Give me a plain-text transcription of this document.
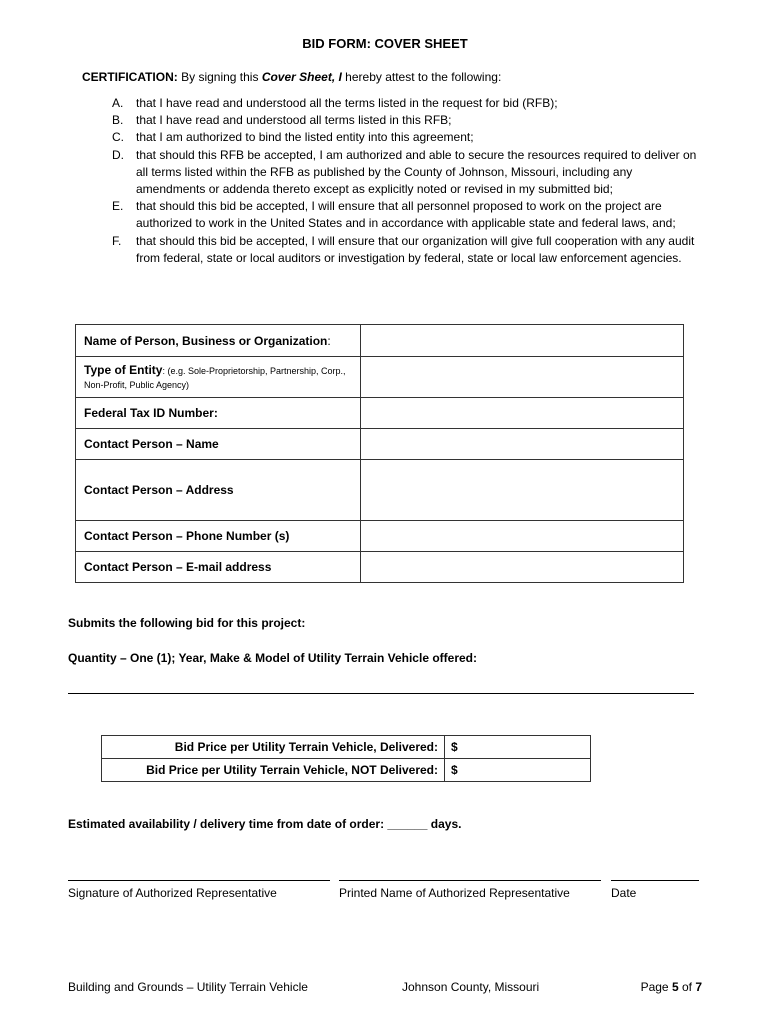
BID FORM: COVER SHEET
CERTIFICATION: By signing this Cover Sheet, I hereby attest to the following:
A.	that I have read and understood all the terms listed in the request for bid (RFB);
B.	that I have read and understood all terms listed in this RFB;
C.	that I am authorized to bind the listed entity into this agreement;
D.	that should this RFB be accepted, I am authorized and able to secure the resources required to deliver on all terms listed within the RFB as published by the County of Johnson, Missouri, including any amendments or addenda thereto except as explicitly noted or revised in my submitted bid;
E.	that should this bid be accepted, I will ensure that all personnel proposed to work on the project are authorized to work in the United States and in accordance with applicable state and federal laws, and;
F.	that should this bid be accepted, I will ensure that our organization will give full cooperation with any audit from federal, state or local auditors or investigation by federal, state or local law enforcement agencies.
Name of Person, Business or Organization:	
Type of Entity: (e.g. Sole-Proprietorship, Partnership, Corp., Non-Profit, Public Agency)	
Federal Tax ID Number:	
Contact Person – Name	
Contact Person – Address	
Contact Person – Phone Number (s)	
Contact Person – E-mail address	
Submits the following bid for this project:
Quantity – One (1); Year, Make & Model of Utility Terrain Vehicle offered:
Bid Price per Utility Terrain Vehicle, Delivered:	$
Bid Price per Utility Terrain Vehicle, NOT Delivered:	$
Estimated availability / delivery time from date of order: ______ days.
Signature of Authorized Representative	Printed Name of Authorized Representative	Date
Building and Grounds – Utility Terrain Vehicle	Johnson County, Missouri	Page 5 of 7
